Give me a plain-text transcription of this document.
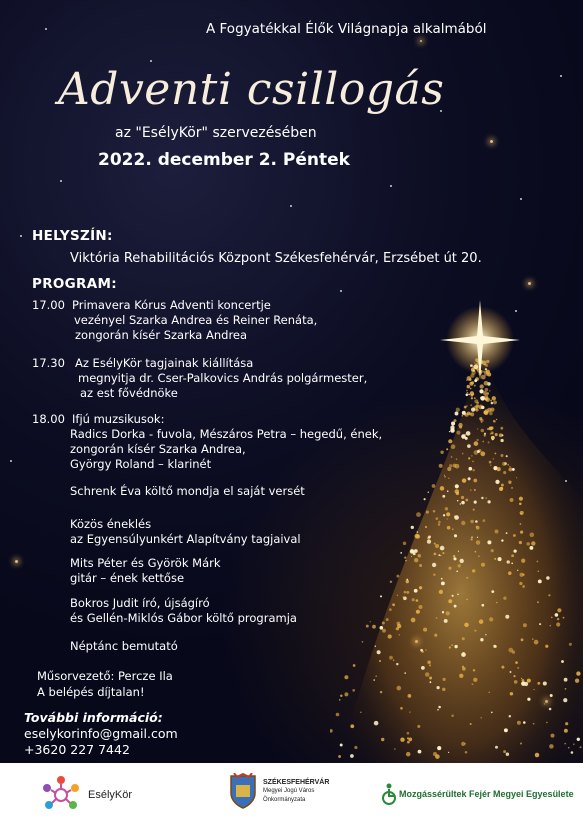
A Fogyatékkal Élők Világnapja alkalmából
Adventi csillogás
az "EsélyKör" szervezésében
2022. december 2. Péntek
HELYSZÍN:
Viktória Rehabilitációs Központ Székesfehérvár, Erzsébet út 20.
PROGRAM:
17.00 Primavera Kórus Adventi koncertje
vezényel Szarka Andrea és Reiner Renáta,
zongorán kísér Szarka Andrea
17.30 Az EsélyKör tagjainak kiállítása
megnyitja dr. Cser-Palkovics András polgármester,
az est fővédnöke
18.00 Ifjú muzsikusok:
Radics Dorka - fuvola, Mészáros Petra – hegedű, ének,
zongorán kísér Szarka Andrea,
György Roland – klarinét
Schrenk Éva költő mondja el saját versét
Közös éneklés
az Egyensúlyunkért Alapítvány tagjaival
Mits Péter és Györök Márk
gitár – ének kettőse
Bokros Judit író, újságíró
és Gellén-Miklós Gábor költő programja
Néptánc bemutató
Műsorvezető: Percze Ila
A belépés díjtalan!
További információ:
eselykorinfo@gmail.com
+3620 227 7442
EsélyKör
SZÉKESFEHÉRVÁR
Megyei Jogú Város
Önkormányzata
Mozgássérültek Fejér Megyei Egyesülete
